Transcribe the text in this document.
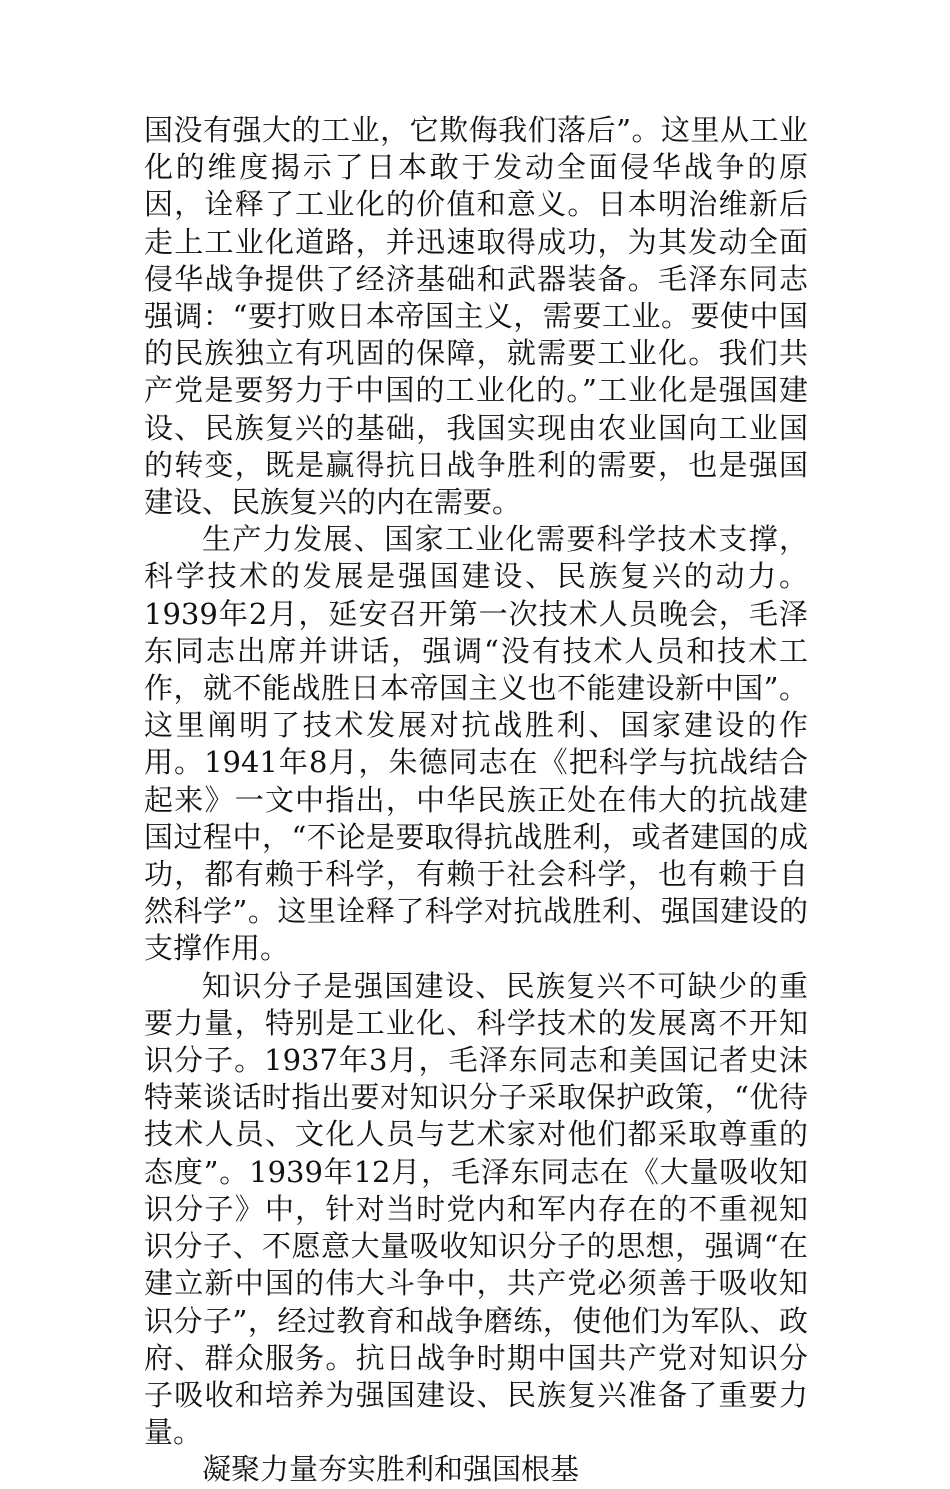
国没有强大的工业，它欺侮我们落后”。这里从工业化的维度揭示了日本敢于发动全面侵华战争的原因，诠释了工业化的价值和意义。日本明治维新后走上工业化道路，并迅速取得成功，为其发动全面侵华战争提供了经济基础和武器装备。毛泽东同志强调：“要打败日本帝国主义，需要工业。要使中国的民族独立有巩固的保障，就需要工业化。我们共产党是要努力于中国的工业化的。”工业化是强国建设、民族复兴的基础，我国实现由农业国向工业国的转变，既是赢得抗日战争胜利的需要，也是强国建设、民族复兴的内在需要。

生产力发展、国家工业化需要科学技术支撑，科学技术的发展是强国建设、民族复兴的动力。1939年2月，延安召开第一次技术人员晚会，毛泽东同志出席并讲话，强调“没有技术人员和技术工作，就不能战胜日本帝国主义也不能建设新中国”。这里阐明了技术发展对抗战胜利、国家建设的作用。1941年8月，朱德同志在《把科学与抗战结合起来》一文中指出，中华民族正处在伟大的抗战建国过程中，“不论是要取得抗战胜利，或者建国的成功，都有赖于科学，有赖于社会科学，也有赖于自然科学”。这里诠释了科学对抗战胜利、强国建设的支撑作用。

知识分子是强国建设、民族复兴不可缺少的重要力量，特别是工业化、科学技术的发展离不开知识分子。1937年3月，毛泽东同志和美国记者史沫特莱谈话时指出要对知识分子采取保护政策，“优待技术人员、文化人员与艺术家对他们都采取尊重的态度”。1939年12月，毛泽东同志在《大量吸收知识分子》中，针对当时党内和军内存在的不重视知识分子、不愿意大量吸收知识分子的思想，强调“在建立新中国的伟大斗争中，共产党必须善于吸收知识分子”，经过教育和战争磨练，使他们为军队、政府、群众服务。抗日战争时期中国共产党对知识分子吸收和培养为强国建设、民族复兴准备了重要力量。

凝聚力量夯实胜利和强国根基
